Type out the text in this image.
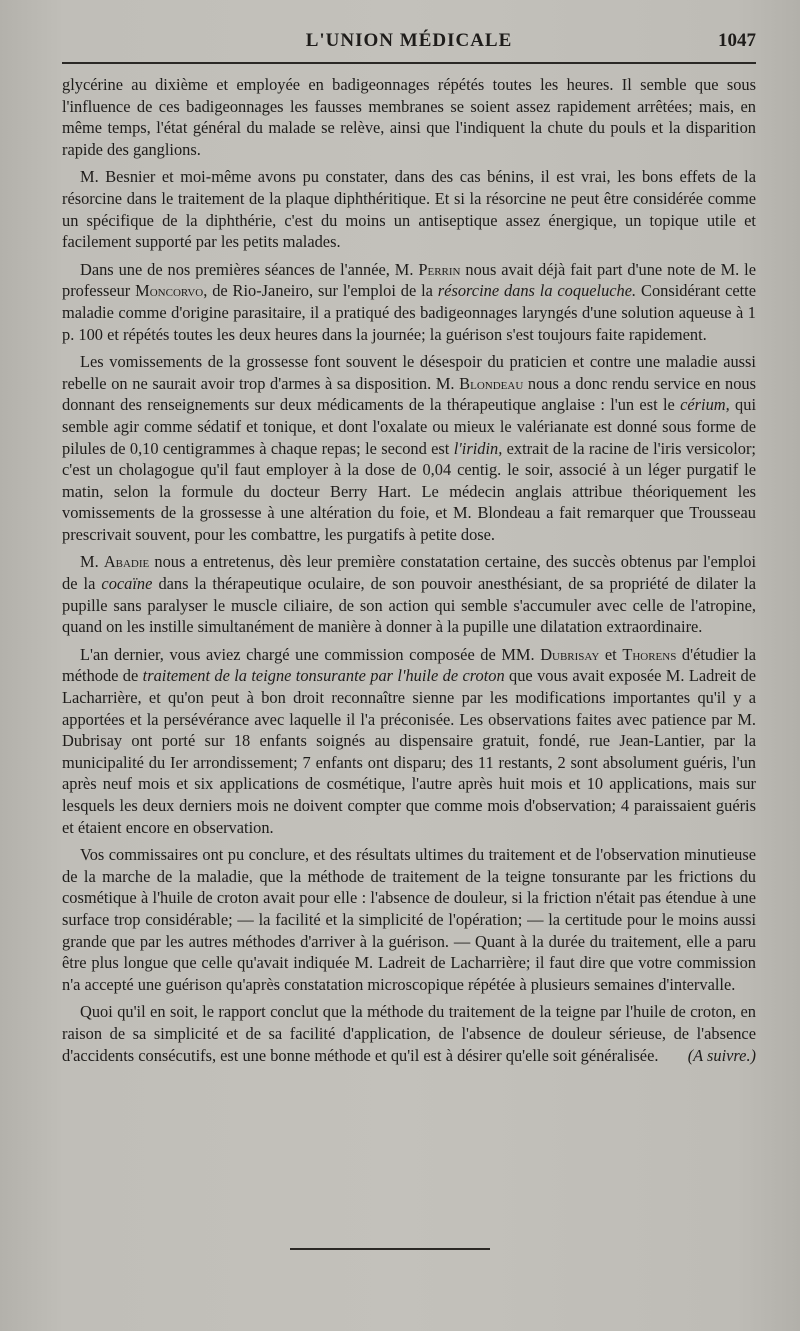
L'UNION MÉDICALE	1047

glycérine au dixième et employée en badigeonnages répétés toutes les heures. Il semble que sous l'influence de ces badigeonnages les fausses membranes se soient assez rapidement arrêtées; mais, en même temps, l'état général du malade se relève, ainsi que l'indiquent la chute du pouls et la disparition rapide des ganglions.

M. Besnier et moi-même avons pu constater, dans des cas bénins, il est vrai, les bons effets de la résorcine dans le traitement de la plaque diphthéritique. Et si la résorcine ne peut être considérée comme un spécifique de la diphthérie, c'est du moins un antiseptique assez énergique, un topique utile et facilement supporté par les petits malades.

Dans une de nos premières séances de l'année, M. Perrin nous avait déjà fait part d'une note de M. le professeur Moncorvo, de Rio-Janeiro, sur l'emploi de la résorcine dans la coqueluche. Considérant cette maladie comme d'origine parasitaire, il a pratiqué des badigeonnages laryngés d'une solution aqueuse à 1 p. 100 et répétés toutes les deux heures dans la journée; la guérison s'est toujours faite rapidement.

Les vomissements de la grossesse font souvent le désespoir du praticien et contre une maladie aussi rebelle on ne saurait avoir trop d'armes à sa disposition. M. Blondeau nous a donc rendu service en nous donnant des renseignements sur deux médicaments de la thérapeutique anglaise : l'un est le cérium, qui semble agir comme sédatif et tonique, et dont l'oxalate ou mieux le valérianate est donné sous forme de pilules de 0,10 centigrammes à chaque repas; le second est l'iridin, extrait de la racine de l'iris versicolor; c'est un cholagogue qu'il faut employer à la dose de 0,04 centig. le soir, associé à un léger purgatif le matin, selon la formule du docteur Berry Hart. Le médecin anglais attribue théoriquement les vomissements de la grossesse à une altération du foie, et M. Blondeau a fait remarquer que Trousseau prescrivait souvent, pour les combattre, les purgatifs à petite dose.

M. Abadie nous a entretenus, dès leur première constatation certaine, des succès obtenus par l'emploi de la cocaïne dans la thérapeutique oculaire, de son pouvoir anesthésiant, de sa propriété de dilater la pupille sans paralyser le muscle ciliaire, de son action qui semble s'accumuler avec celle de l'atropine, quand on les instille simultanément de manière à donner à la pupille une dilatation extraordinaire.

L'an dernier, vous aviez chargé une commission composée de MM. Dubrisay et Thorens d'étudier la méthode de traitement de la teigne tonsurante par l'huile de croton que vous avait exposée M. Ladreit de Lacharrière, et qu'on peut à bon droit reconnaître sienne par les modifications importantes qu'il y a apportées et la persévérance avec laquelle il l'a préconisée. Les observations faites avec patience par M. Dubrisay ont porté sur 18 enfants soignés au dispensaire gratuit, fondé, rue Jean-Lantier, par la municipalité du Ier arrondissement; 7 enfants ont disparu; des 11 restants, 2 sont absolument guéris, l'un après neuf mois et six applications de cosmétique, l'autre après huit mois et 10 applications, mais sur lesquels les deux derniers mois ne doivent compter que comme mois d'observation; 4 paraissaient guéris et étaient encore en observation.

Vos commissaires ont pu conclure, et des résultats ultimes du traitement et de l'observation minutieuse de la marche de la maladie, que la méthode de traitement de la teigne tonsurante par les frictions du cosmétique à l'huile de croton avait pour elle : l'absence de douleur, si la friction n'était pas étendue à une surface trop considérable; — la facilité et la simplicité de l'opération; — la certitude pour le moins aussi grande que par les autres méthodes d'arriver à la guérison. — Quant à la durée du traitement, elle a paru être plus longue que celle qu'avait indiquée M. Ladreit de Lacharrière; il faut dire que votre commission n'a accepté une guérison qu'après constatation microscopique répétée à plusieurs semaines d'intervalle.

Quoi qu'il en soit, le rapport conclut que la méthode du traitement de la teigne par l'huile de croton, en raison de sa simplicité et de sa facilité d'application, de l'absence de douleur sérieuse, de l'absence d'accidents consécutifs, est une bonne méthode et qu'il est à désirer qu'elle soit généralisée.	(A suivre.)
